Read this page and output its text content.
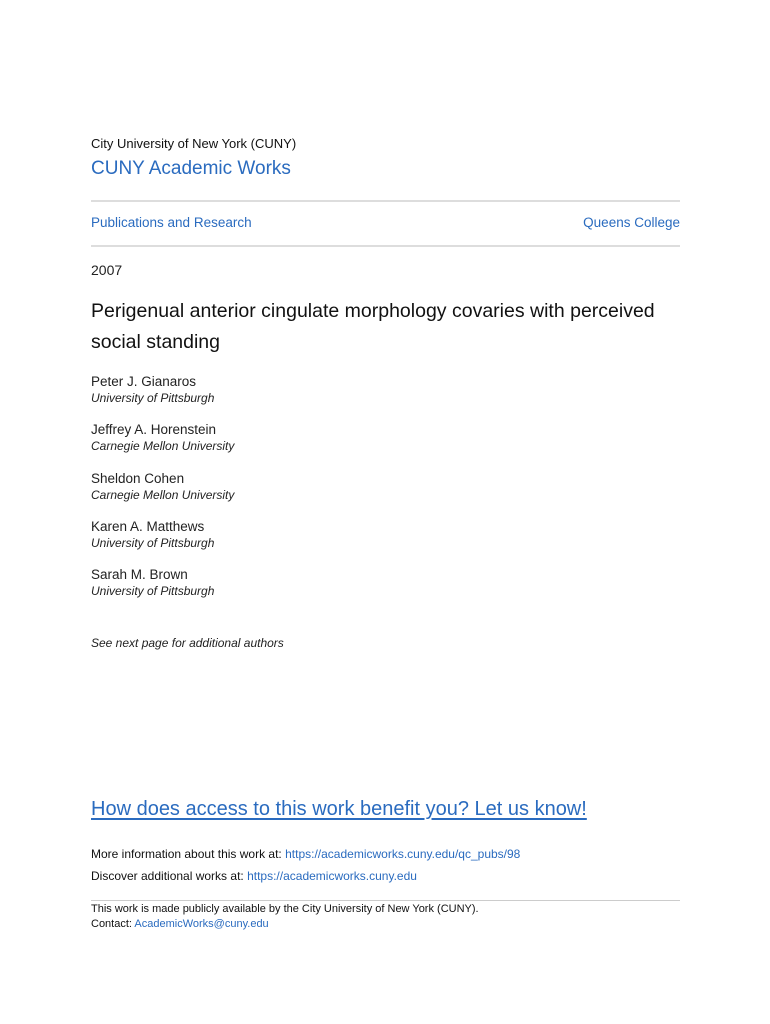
City University of New York (CUNY)
CUNY Academic Works
Publications and Research	Queens College
2007
Perigenual anterior cingulate morphology covaries with perceived social standing
Peter J. Gianaros
University of Pittsburgh
Jeffrey A. Horenstein
Carnegie Mellon University
Sheldon Cohen
Carnegie Mellon University
Karen A. Matthews
University of Pittsburgh
Sarah M. Brown
University of Pittsburgh
See next page for additional authors
How does access to this work benefit you? Let us know!
More information about this work at: https://academicworks.cuny.edu/qc_pubs/98
Discover additional works at: https://academicworks.cuny.edu
This work is made publicly available by the City University of New York (CUNY).
Contact: AcademicWorks@cuny.edu
